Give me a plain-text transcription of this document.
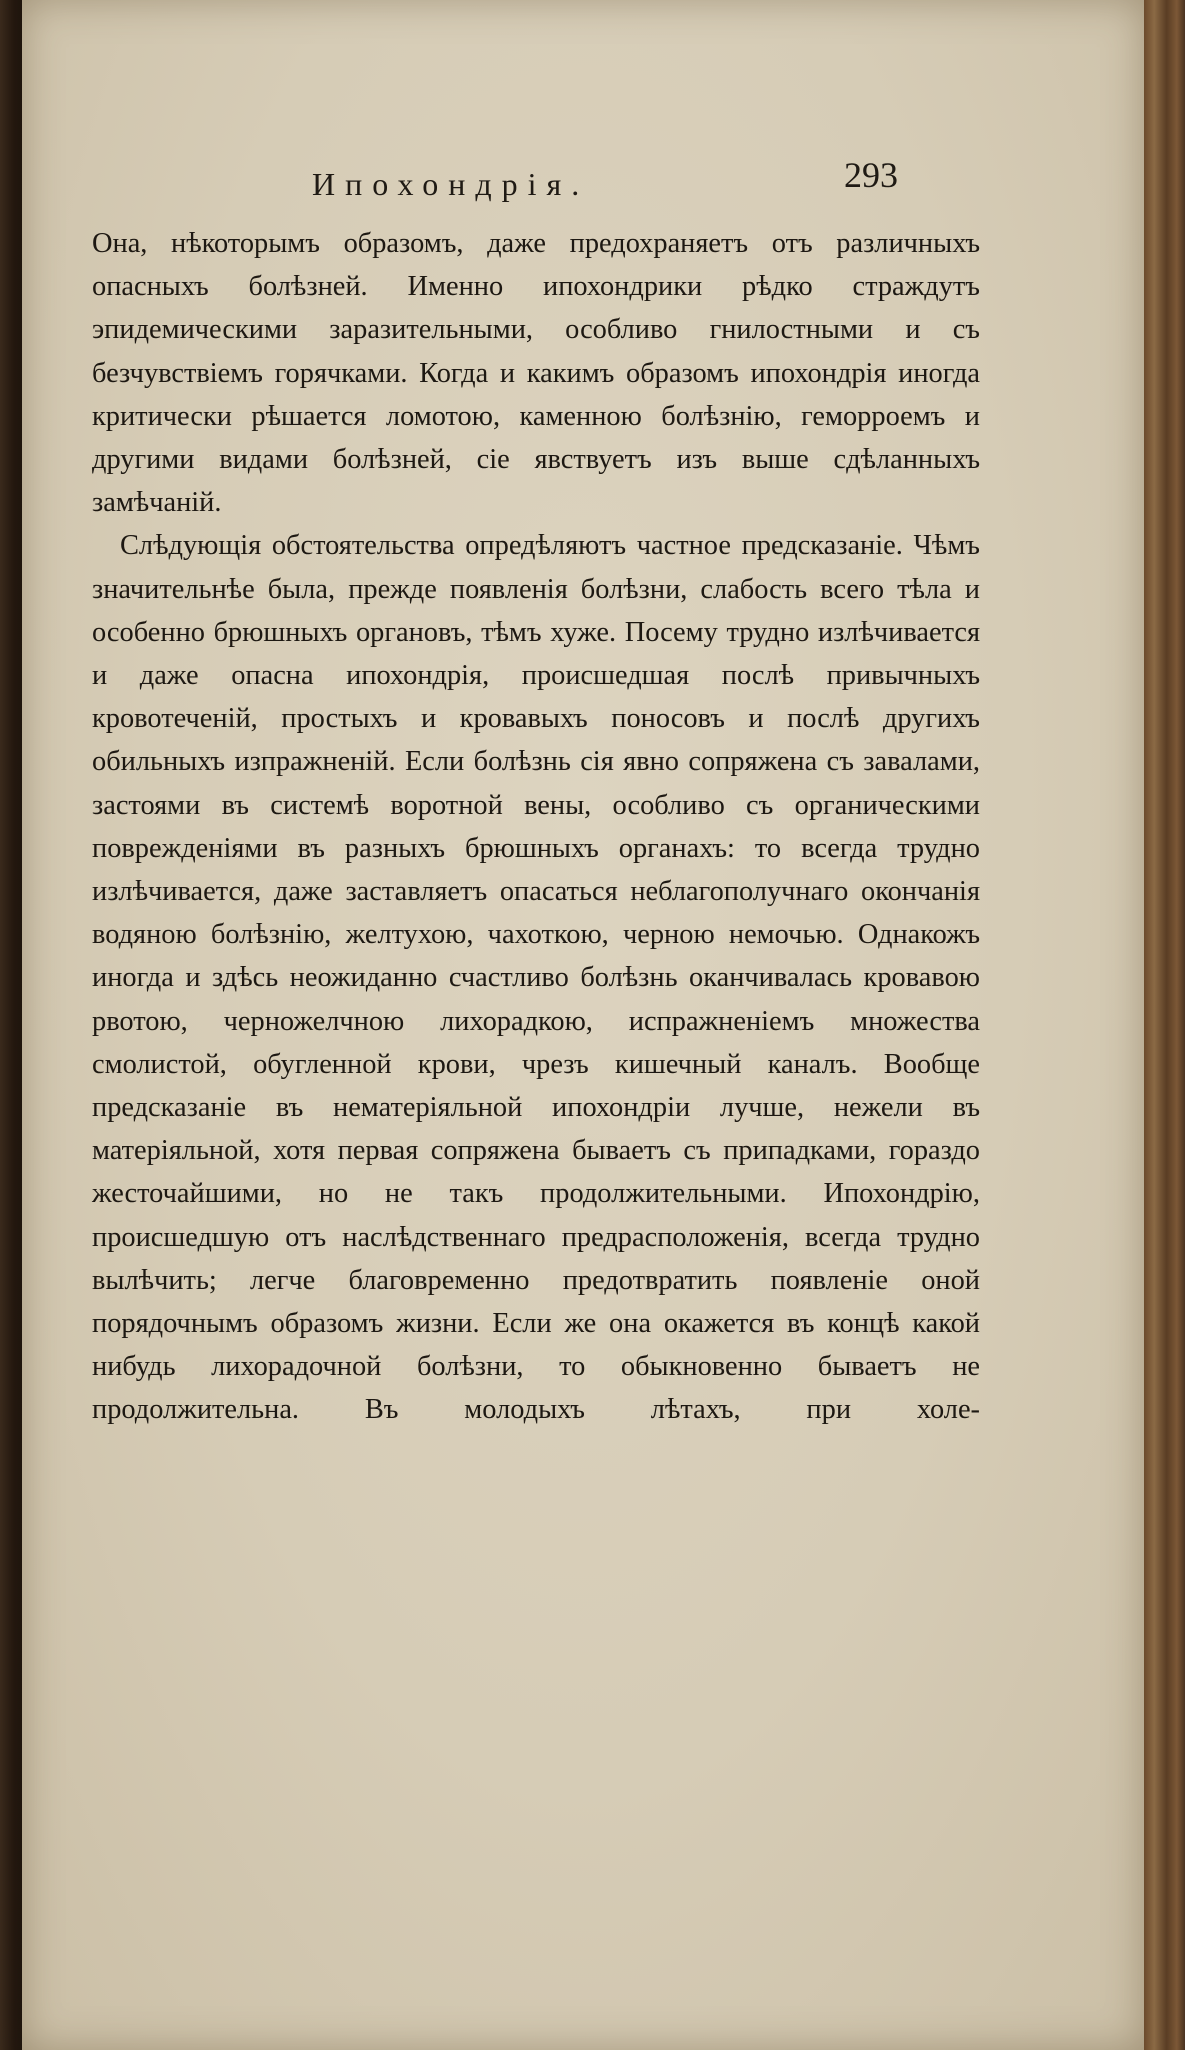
Ипохондрія.	293

Она, нѣкоторымъ образомъ, даже предохраняетъ отъ различныхъ опасныхъ болѣзней. Именно ипохондрики рѣдко страждутъ эпидемическими заразительными, особливо гнилостными и съ безчувствіемъ горячками. Когда и какимъ образомъ ипохондрія иногда критически рѣшается ломотою, каменною болѣзнію, геморроемъ и другими видами болѣзней, сіе явствуетъ изъ выше сдѣланныхъ замѣчаній.

Слѣдующія обстоятельства опредѣляютъ частное предсказаніе. Чѣмъ значительнѣе была, прежде появленія болѣзни, слабость всего тѣла и особенно брюшныхъ органовъ, тѣмъ хуже. Посему трудно излѣчивается и даже опасна ипохондрія, происшедшая послѣ привычныхъ кровотеченій, простыхъ и кровавыхъ поносовъ и послѣ другихъ обильныхъ изпражненій. Если болѣзнь сія явно сопряжена съ завалами, застоями въ системѣ воротной вены, особливо съ органическими поврежденіями въ разныхъ брюшныхъ органахъ: то всегда трудно излѣчивается, даже заставляетъ опасаться неблагополучнаго окончанія водяною болѣзнію, желтухою, чахоткою, черною немочью. Однакожъ иногда и здѣсь неожиданно счастливо болѣзнь оканчивалась кровавою рвотою, черножелчною лихорадкою, испражненіемъ множества смолистой, обугленной крови, чрезъ кишечный каналъ. Вообще предсказаніе въ нематеріяльной ипохондріи лучше, нежели въ матеріяльной, хотя первая сопряжена бываетъ съ припадками, гораздо жесточайшими, но не такъ продолжительными. Ипохондрію, происшедшую отъ наслѣдственнаго предрасположенія, всегда трудно вылѣчить; легче благовременно предотвратить появленіе оной порядочнымъ образомъ жизни. Если же она окажется въ концѣ какой нибудь лихорадочной болѣзни, то обыкновенно бываетъ не продолжительна. Въ молодыхъ лѣтахъ, при холе-
